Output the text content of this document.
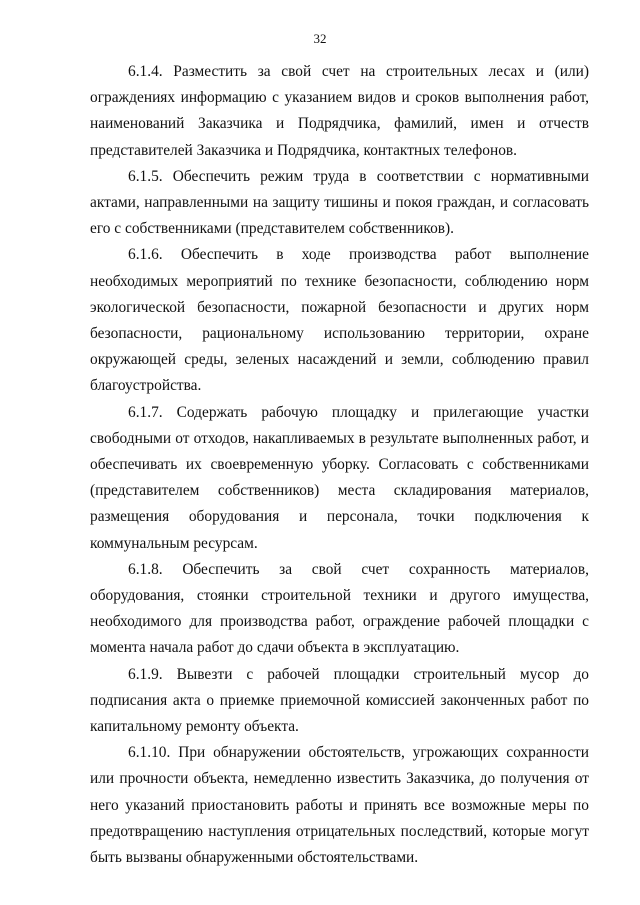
32

6.1.4. Разместить за свой счет на строительных лесах и (или) ограждениях информацию с указанием видов и сроков выполнения работ, наименований Заказчика и Подрядчика, фамилий, имен и отчеств представителей Заказчика и Подрядчика, контактных телефонов.

6.1.5. Обеспечить режим труда в соответствии с нормативными актами, направленными на защиту тишины и покоя граждан, и согласовать его с собственниками (представителем собственников).

6.1.6. Обеспечить в ходе производства работ выполнение необходимых мероприятий по технике безопасности, соблюдению норм экологической безопасности, пожарной безопасности и других норм безопасности, рациональному использованию территории, охране окружающей среды, зеленых насаждений и земли, соблюдению правил благоустройства.

6.1.7. Содержать рабочую площадку и прилегающие участки свободными от отходов, накапливаемых в результате выполненных работ, и обеспечивать их своевременную уборку. Согласовать с собственниками (представителем собственников) места складирования материалов, размещения оборудования и персонала, точки подключения к коммунальным ресурсам.

6.1.8. Обеспечить за свой счет сохранность материалов, оборудования, стоянки строительной техники и другого имущества, необходимого для производства работ, ограждение рабочей площадки с момента начала работ до сдачи объекта в эксплуатацию.

6.1.9. Вывезти с рабочей площадки строительный мусор до подписания акта о приемке приемочной комиссией законченных работ по капитальному ремонту объекта.

6.1.10. При обнаружении обстоятельств, угрожающих сохранности или прочности объекта, немедленно известить Заказчика, до получения от него указаний приостановить работы и принять все возможные меры по предотвращению наступления отрицательных последствий, которые могут быть вызваны обнаруженными обстоятельствами.
